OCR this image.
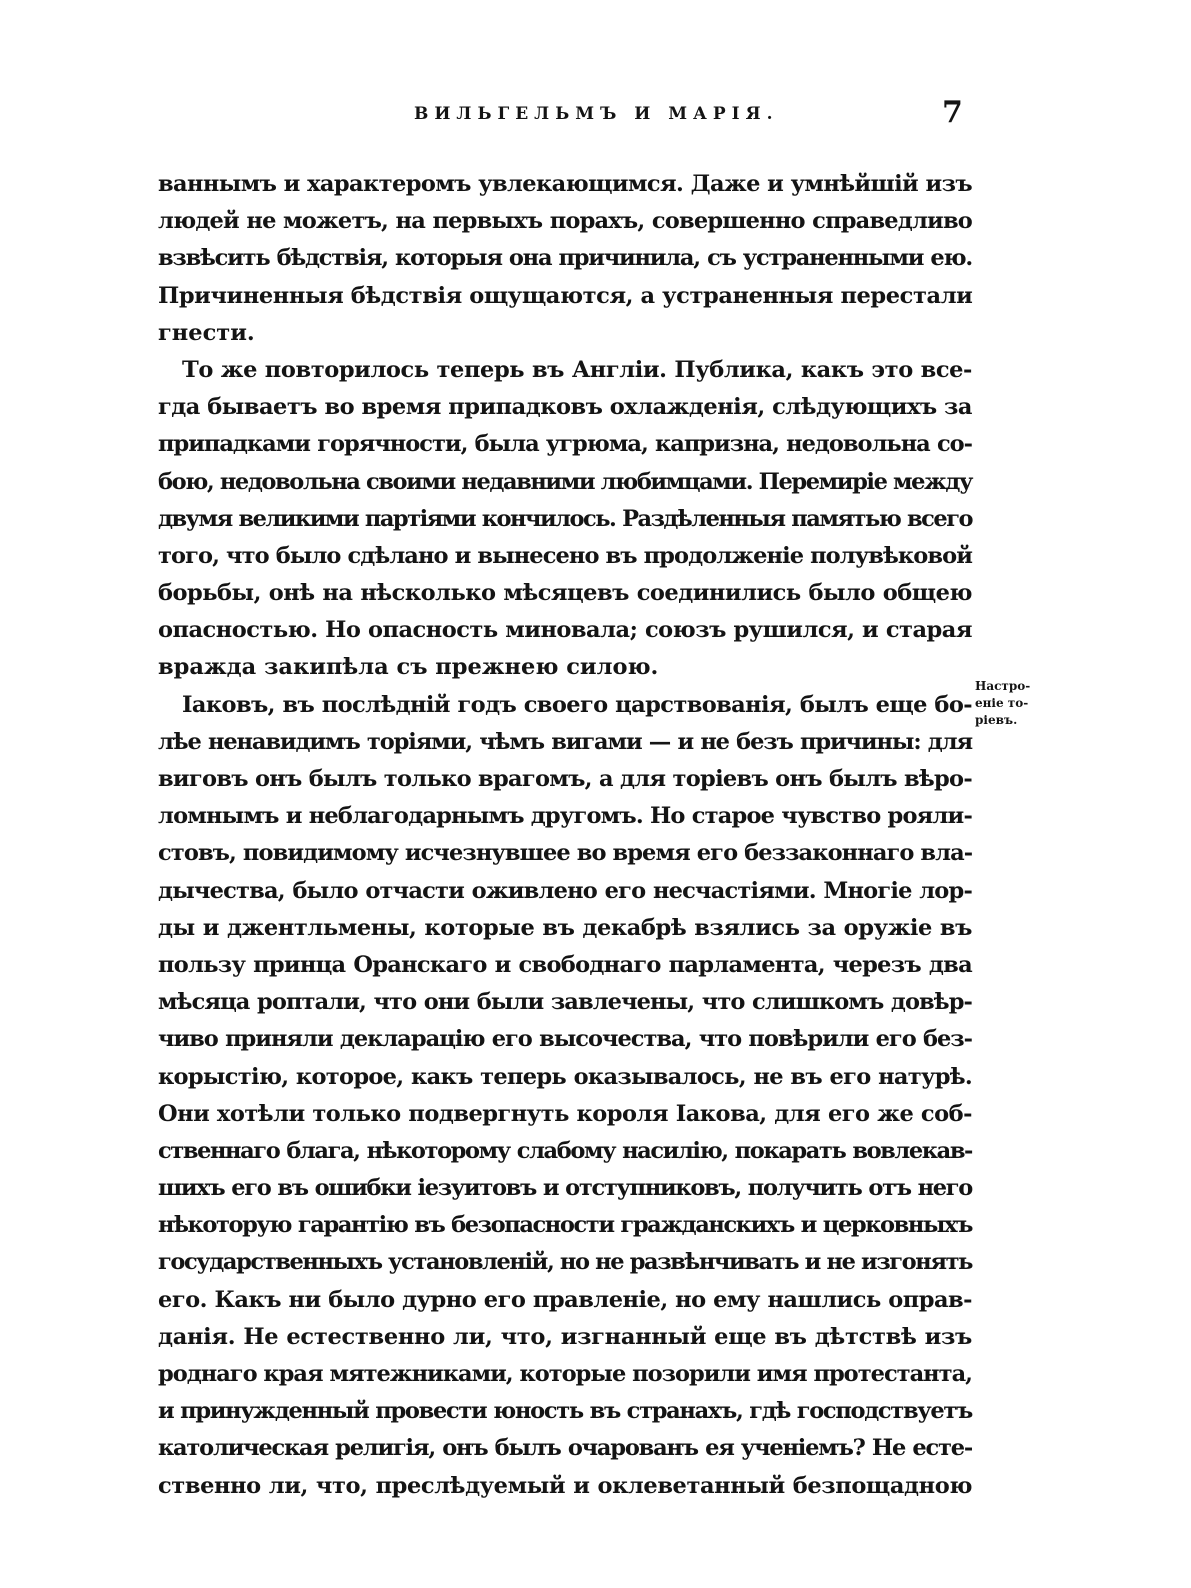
ВИЛЬГЕЛЬМЪ И МАРІЯ.	7
ваннымъ и характеромъ увлекающимся. Даже и умнѣйшій изъ
людей не можетъ, на первыхъ порахъ, совершенно справедливо
взвѣсить бѣдствія, которыя она причинила, съ устраненными ею.
Причиненныя бѣдствія ощущаются, а устраненныя перестали
гнести.
То же повторилось теперь въ Англіи. Публика, какъ это все-
гда бываетъ во время припадковъ охлажденія, слѣдующихъ за
припадками горячности, была угрюма, капризна, недовольна со-
бою, недовольна своими недавними любимцами. Перемиріе между
двумя великими партіями кончилось. Раздѣленныя памятью всего
того, что было сдѣлано и вынесено въ продолженіе полувѣковой
борьбы, онѣ на нѣсколько мѣсяцевъ соединились было общею
опасностью. Но опасность миновала; союзъ рушился, и старая
вражда закипѣла съ прежнею силою.
Іаковъ, въ послѣдній годъ своего царствованія, былъ еще бо-
лѣе ненавидимъ торіями, чѣмъ вигами — и не безъ причины: для
виговъ онъ былъ только врагомъ, а для торіевъ онъ былъ вѣро-
ломнымъ и неблагодарнымъ другомъ. Но старое чувство рояли-
стовъ, повидимому исчезнувшее во время его беззаконнаго вла-
дычества, было отчасти оживлено его несчастіями. Многіе лор-
ды и джентльмены, которые въ декабрѣ взялись за оружіе въ
пользу принца Оранскаго и свободнаго парламента, черезъ два
мѣсяца роптали, что они были завлечены, что слишкомъ довѣр-
чиво приняли декларацію его высочества, что повѣрили его без-
корыстію, которое, какъ теперь оказывалось, не въ его натурѣ.
Они хотѣли только подвергнуть короля Іакова, для его же соб-
ственнаго блага, нѣкоторому слабому насилію, покарать вовлекав-
шихъ его въ ошибки іезуитовъ и отступниковъ, получить отъ него
нѣкоторую гарантію въ безопасности гражданскихъ и церковныхъ
государственныхъ установленій, но не развѣнчивать и не изгонять
его. Какъ ни было дурно его правленіе, но ему нашлись оправ-
данія. Не естественно ли, что, изгнанный еще въ дѣтствѣ изъ
роднаго края мятежниками, которые позорили имя протестанта,
и принужденный провести юность въ странахъ, гдѣ господствуетъ
католическая религія, онъ былъ очарованъ ея ученіемъ? Не есте-
ственно ли, что, преслѣдуемый и оклеветанный безпощадною
Настро-
еніе то-
ріевъ.
